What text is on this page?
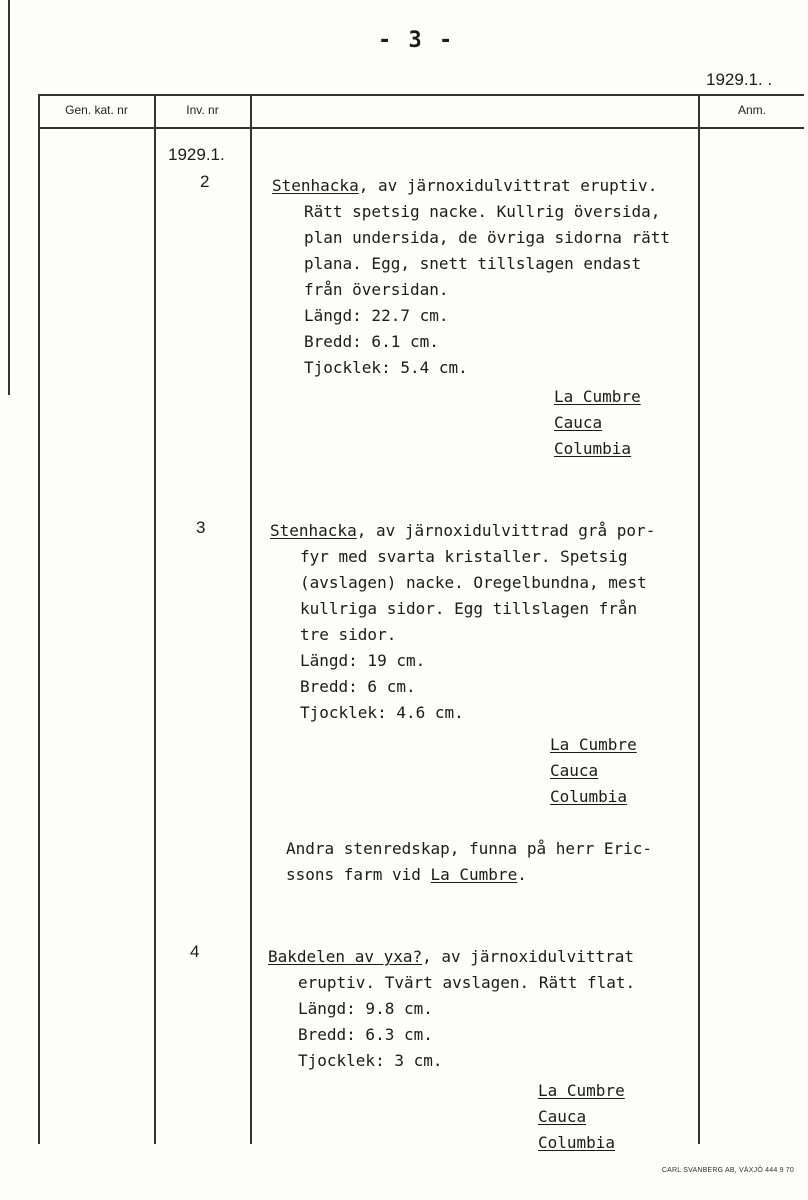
- 3 -
1929.1. .
Gen. kat. nr	Inv. nr	Anm.
1929.1.
2
3
4
Stenhacka, av järnoxidulvittrat eruptiv.
Rätt spetsig nacke. Kullrig översida,
plan undersida, de övriga sidorna rätt
plana. Egg, snett tillslagen endast
från översidan.
Längd: 22.7 cm.
Bredd: 6.1 cm.
Tjocklek: 5.4 cm.
La Cumbre
Cauca
Columbia
Stenhacka, av järnoxidulvittrad grå por-
fyr med svarta kristaller. Spetsig
(avslagen) nacke. Oregelbundna, mest
kullriga sidor. Egg tillslagen från
tre sidor.
Längd: 19 cm.
Bredd: 6 cm.
Tjocklek: 4.6 cm.
La Cumbre
Cauca
Columbia
Andra stenredskap, funna på herr Eric-
ssons farm vid La Cumbre.
Bakdelen av yxa?, av järnoxidulvittrat
eruptiv. Tvärt avslagen. Rätt flat.
Längd: 9.8 cm.
Bredd: 6.3 cm.
Tjocklek: 3 cm.
La Cumbre
Cauca
Columbia
CARL SVANBERG AB, VÄXJÖ 444 9 70
